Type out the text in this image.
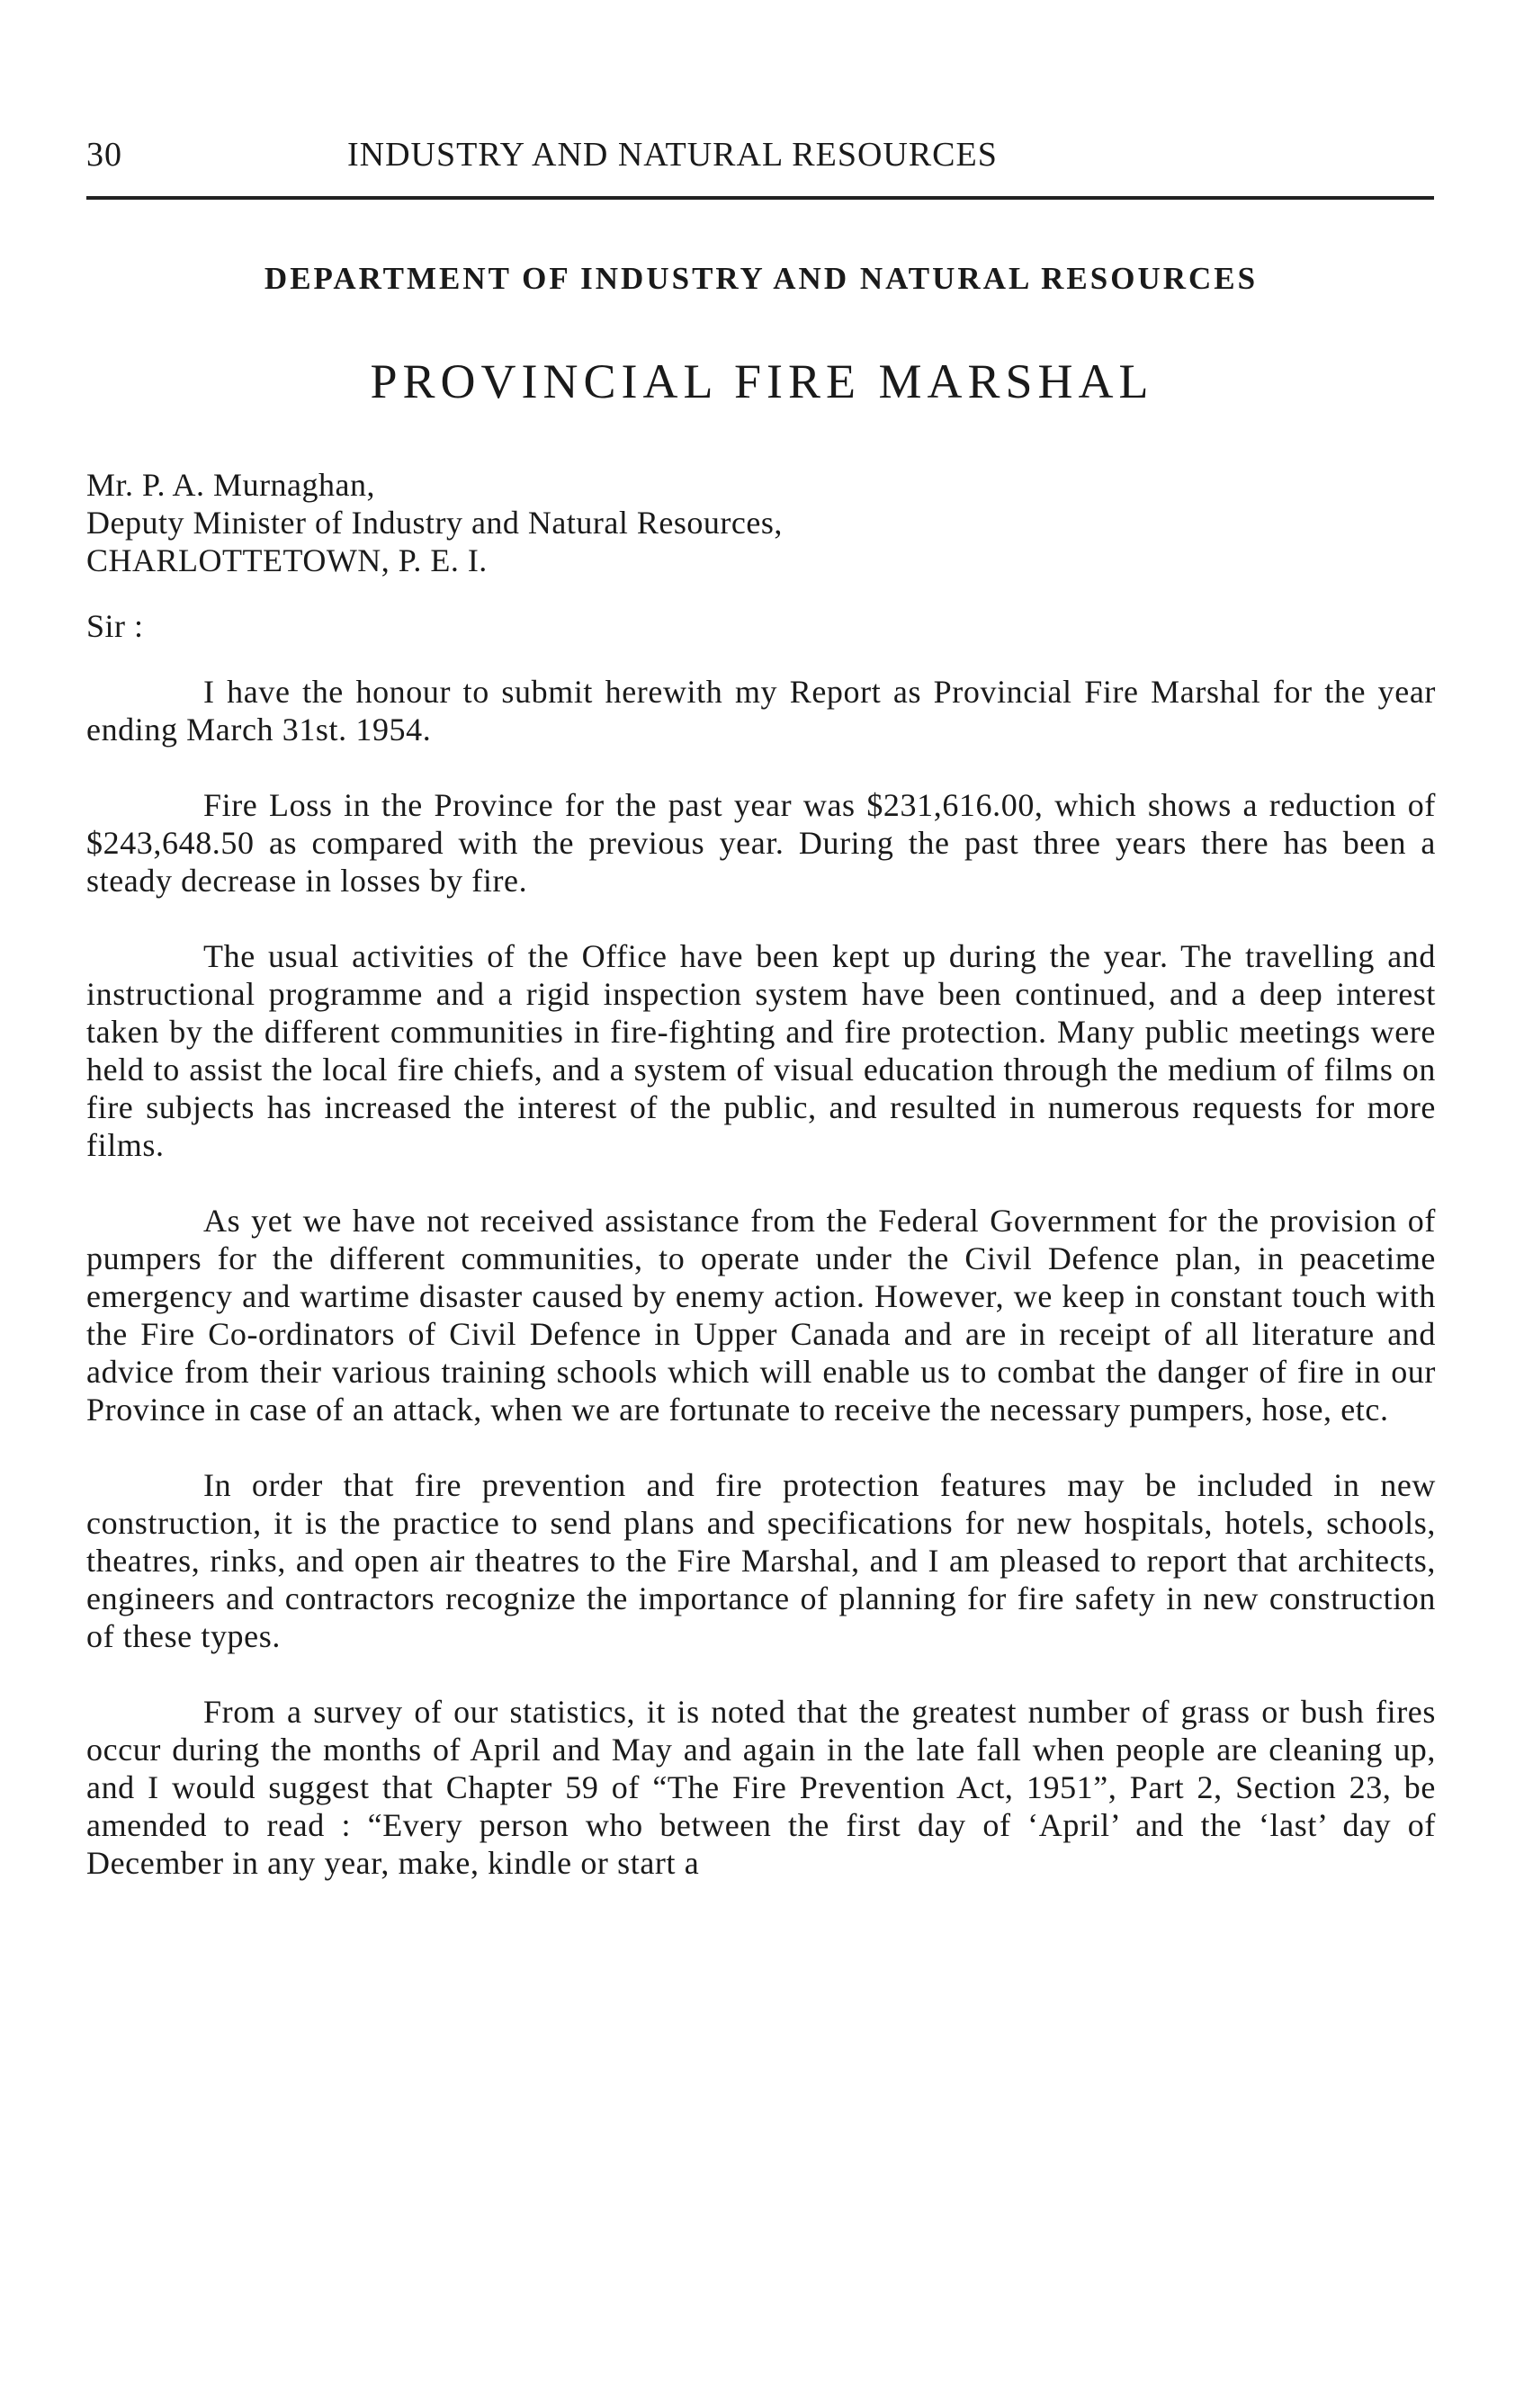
30	INDUSTRY AND NATURAL RESOURCES
DEPARTMENT OF INDUSTRY AND NATURAL RESOURCES
PROVINCIAL FIRE MARSHAL
Mr. P. A. Murnaghan,
Deputy Minister of Industry and Natural Resources,
CHARLOTTETOWN, P. E. I.
Sir :

I have the honour to submit herewith my Report as Provincial Fire Marshal for the year ending March 31st. 1954.

Fire Loss in the Province for the past year was $231,616.00, which shows a reduction of $243,648.50 as compared with the previous year. During the past three years there has been a steady decrease in losses by fire.

The usual activities of the Office have been kept up during the year. The travelling and instructional programme and a rigid inspection system have been continued, and a deep interest taken by the different communities in fire-fighting and fire protection. Many public meetings were held to assist the local fire chiefs, and a system of visual education through the medium of films on fire subjects has increased the interest of the public, and resulted in numerous requests for more films.

As yet we have not received assistance from the Federal Government for the provision of pumpers for the different communities, to operate under the Civil Defence plan, in peacetime emergency and wartime disaster caused by enemy action. However, we keep in constant touch with the Fire Co-ordinators of Civil Defence in Upper Canada and are in receipt of all literature and advice from their various training schools which will enable us to combat the danger of fire in our Province in case of an attack, when we are fortunate to receive the necessary pumpers, hose, etc.

In order that fire prevention and fire protection features may be included in new construction, it is the practice to send plans and specifications for new hospitals, hotels, schools, theatres, rinks, and open air theatres to the Fire Marshal, and I am pleased to report that architects, engineers and contractors recognize the importance of planning for fire safety in new construction of these types.

From a survey of our statistics, it is noted that the greatest number of grass or bush fires occur during the months of April and May and again in the late fall when people are cleaning up, and I would suggest that Chapter 59 of “The Fire Prevention Act, 1951”, Part 2, Section 23, be amended to read : “Every person who between the first day of ‘April’ and the ‘last’ day of December in any year, make, kindle or start a
